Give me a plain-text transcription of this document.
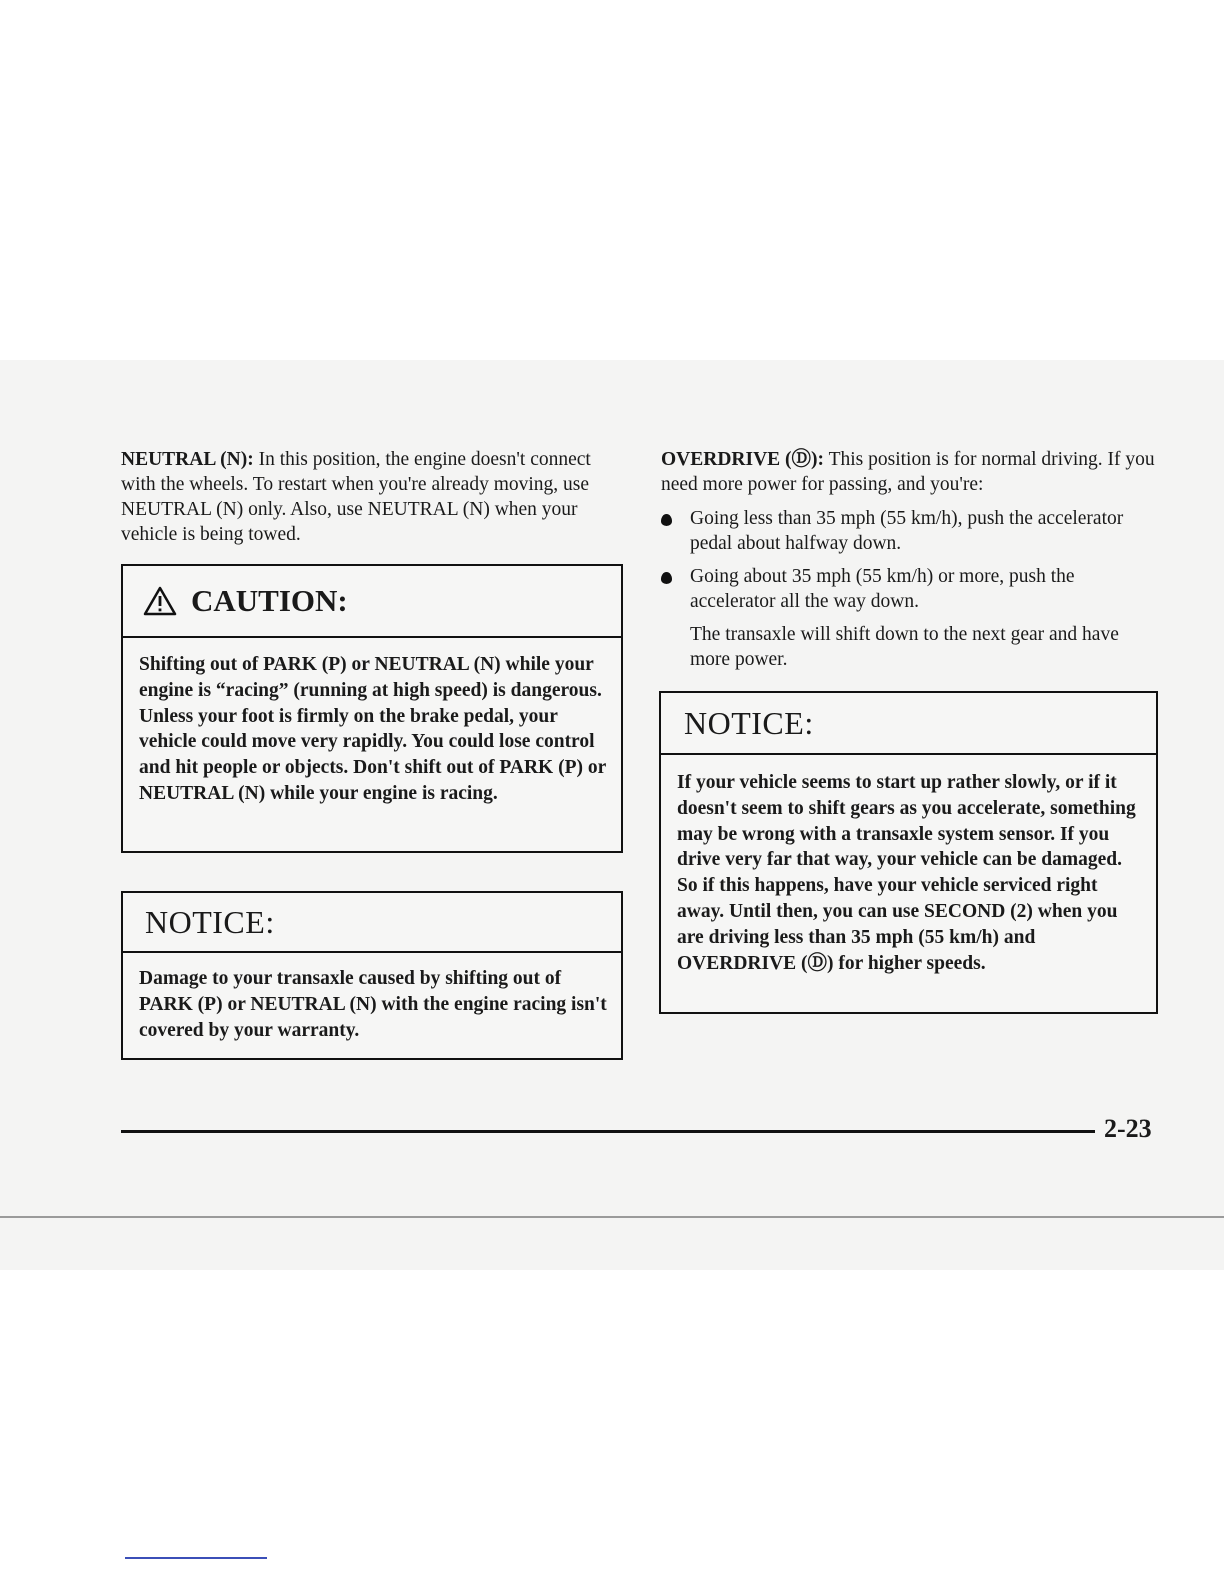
NEUTRAL (N): In this position, the engine doesn't connect with the wheels. To restart when you're already moving, use NEUTRAL (N) only. Also, use NEUTRAL (N) when your vehicle is being towed.

CAUTION:
Shifting out of PARK (P) or NEUTRAL (N) while your engine is “racing” (running at high speed) is dangerous. Unless your foot is firmly on the brake pedal, your vehicle could move very rapidly. You could lose control and hit people or objects. Don't shift out of PARK (P) or NEUTRAL (N) while your engine is racing.
NOTICE:
Damage to your transaxle caused by shifting out of PARK (P) or NEUTRAL (N) with the engine racing isn't covered by your warranty.

OVERDRIVE (Ⓓ): This position is for normal driving. If you need more power for passing, and you're:

Going less than 35 mph (55 km/h), push the accelerator pedal about halfway down.
Going about 35 mph (55 km/h) or more, push the accelerator all the way down.

The transaxle will shift down to the next gear and have more power.

NOTICE:
If your vehicle seems to start up rather slowly, or if it doesn't seem to shift gears as you accelerate, something may be wrong with a transaxle system sensor. If you drive very far that way, your vehicle can be damaged. So if this happens, have your vehicle serviced right away. Until then, you can use SECOND (2) when you are driving less than 35 mph (55 km/h) and OVERDRIVE (Ⓓ) for higher speeds.
2-23
